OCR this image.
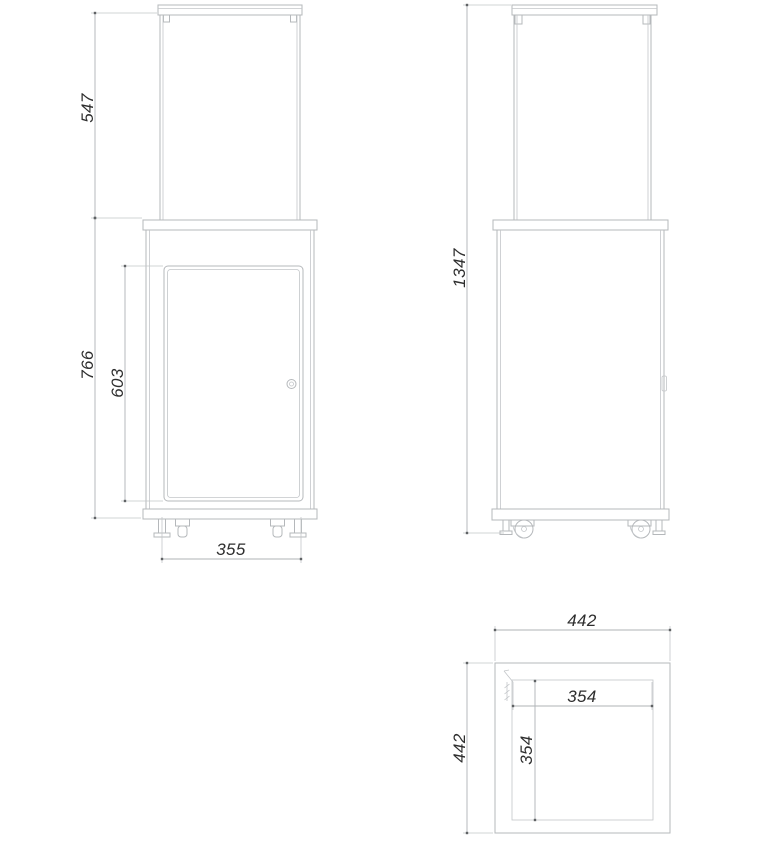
547
766
603
355
1347
442
442
354
354
